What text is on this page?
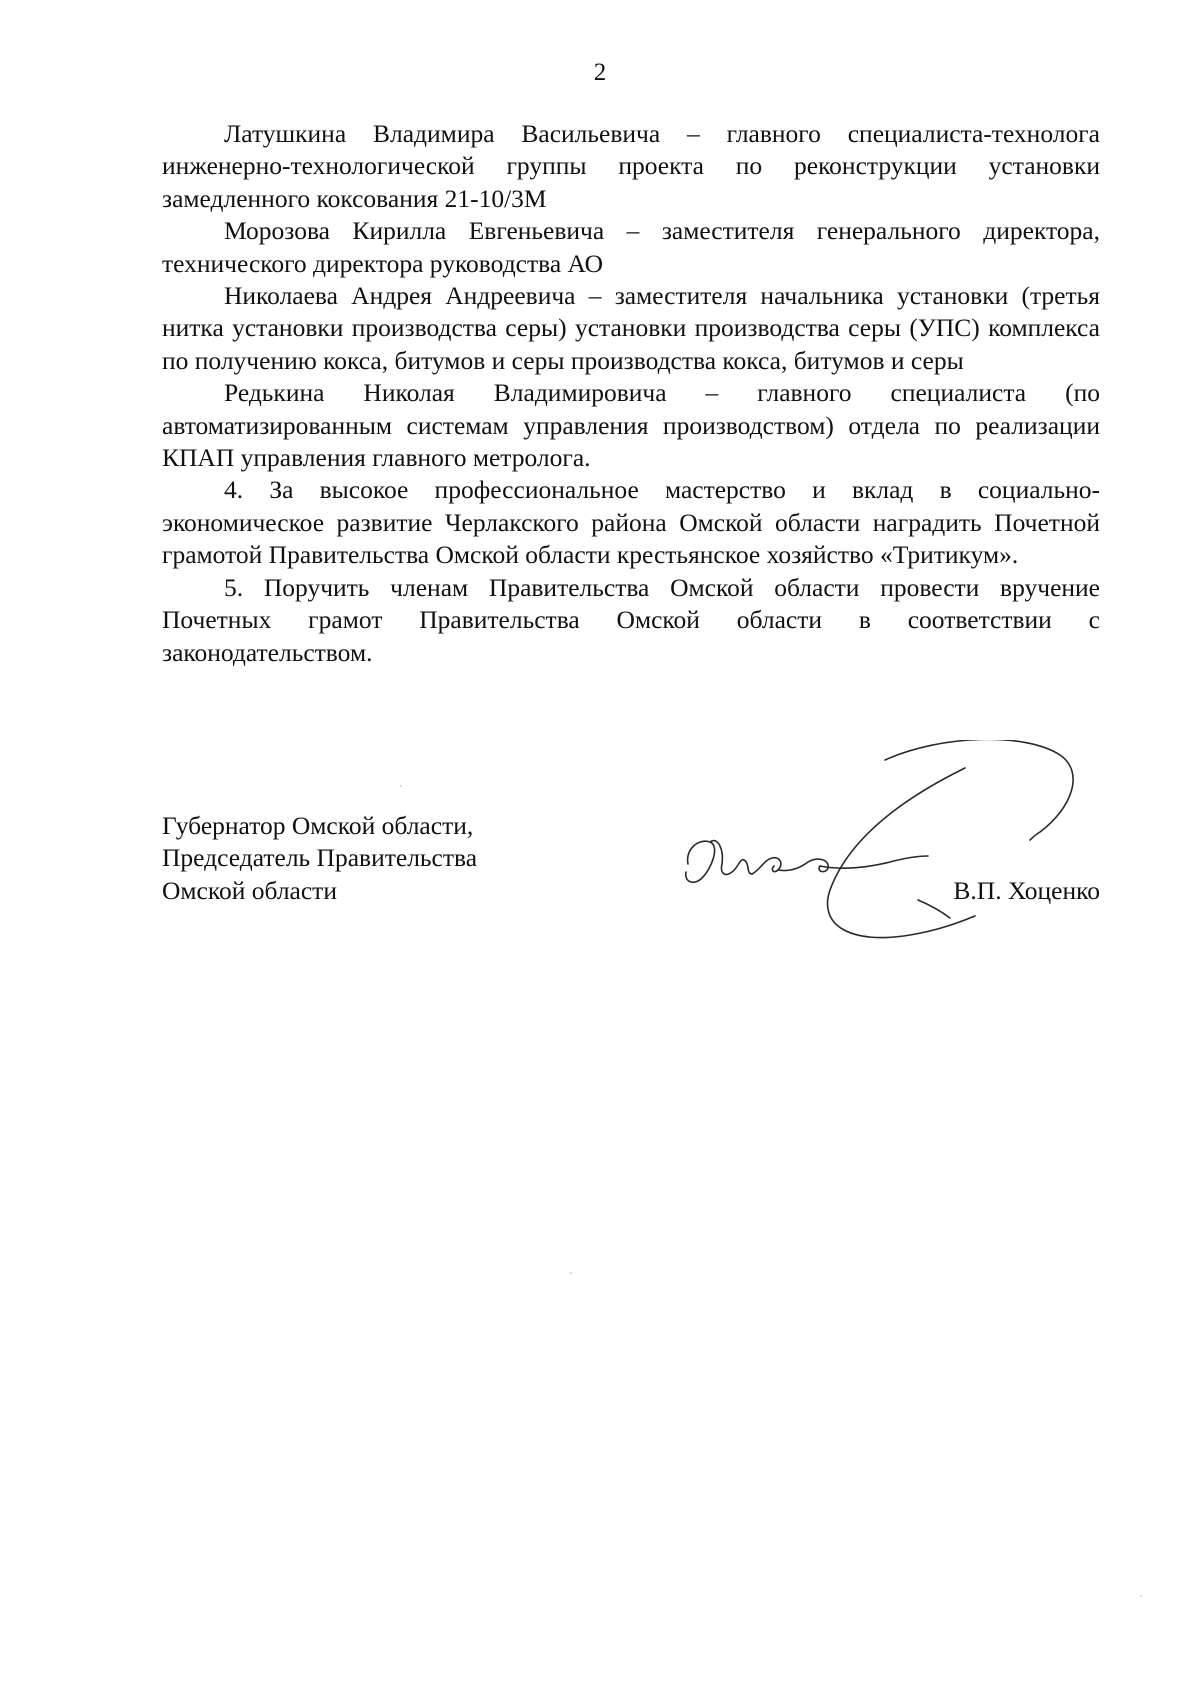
2

Латушкина Владимира Васильевича – главного специалиста-технолога инженерно-технологической группы проекта по реконструкции установки замедленного коксования 21-10/3М

Морозова Кирилла Евгеньевича – заместителя генерального директора, технического директора руководства АО

Николаева Андрея Андреевича – заместителя начальника установки (третья нитка установки производства серы) установки производства серы (УПС) комплекса по получению кокса, битумов и серы производства кокса, битумов и серы

Редькина Николая Владимировича – главного специалиста (по автоматизированным системам управления производством) отдела по реализации КПАП управления главного метролога.

4. За высокое профессиональное мастерство и вклад в социально-экономическое развитие Черлакского района Омской области наградить Почетной грамотой Правительства Омской области крестьянское хозяйство «Тритикум».

5. Поручить членам Правительства Омской области провести вручение Почетных грамот Правительства Омской области в соответствии с законодательством.

Губернатор Омской области,
Председатель Правительства
Омской области	В.П. Хоценко
